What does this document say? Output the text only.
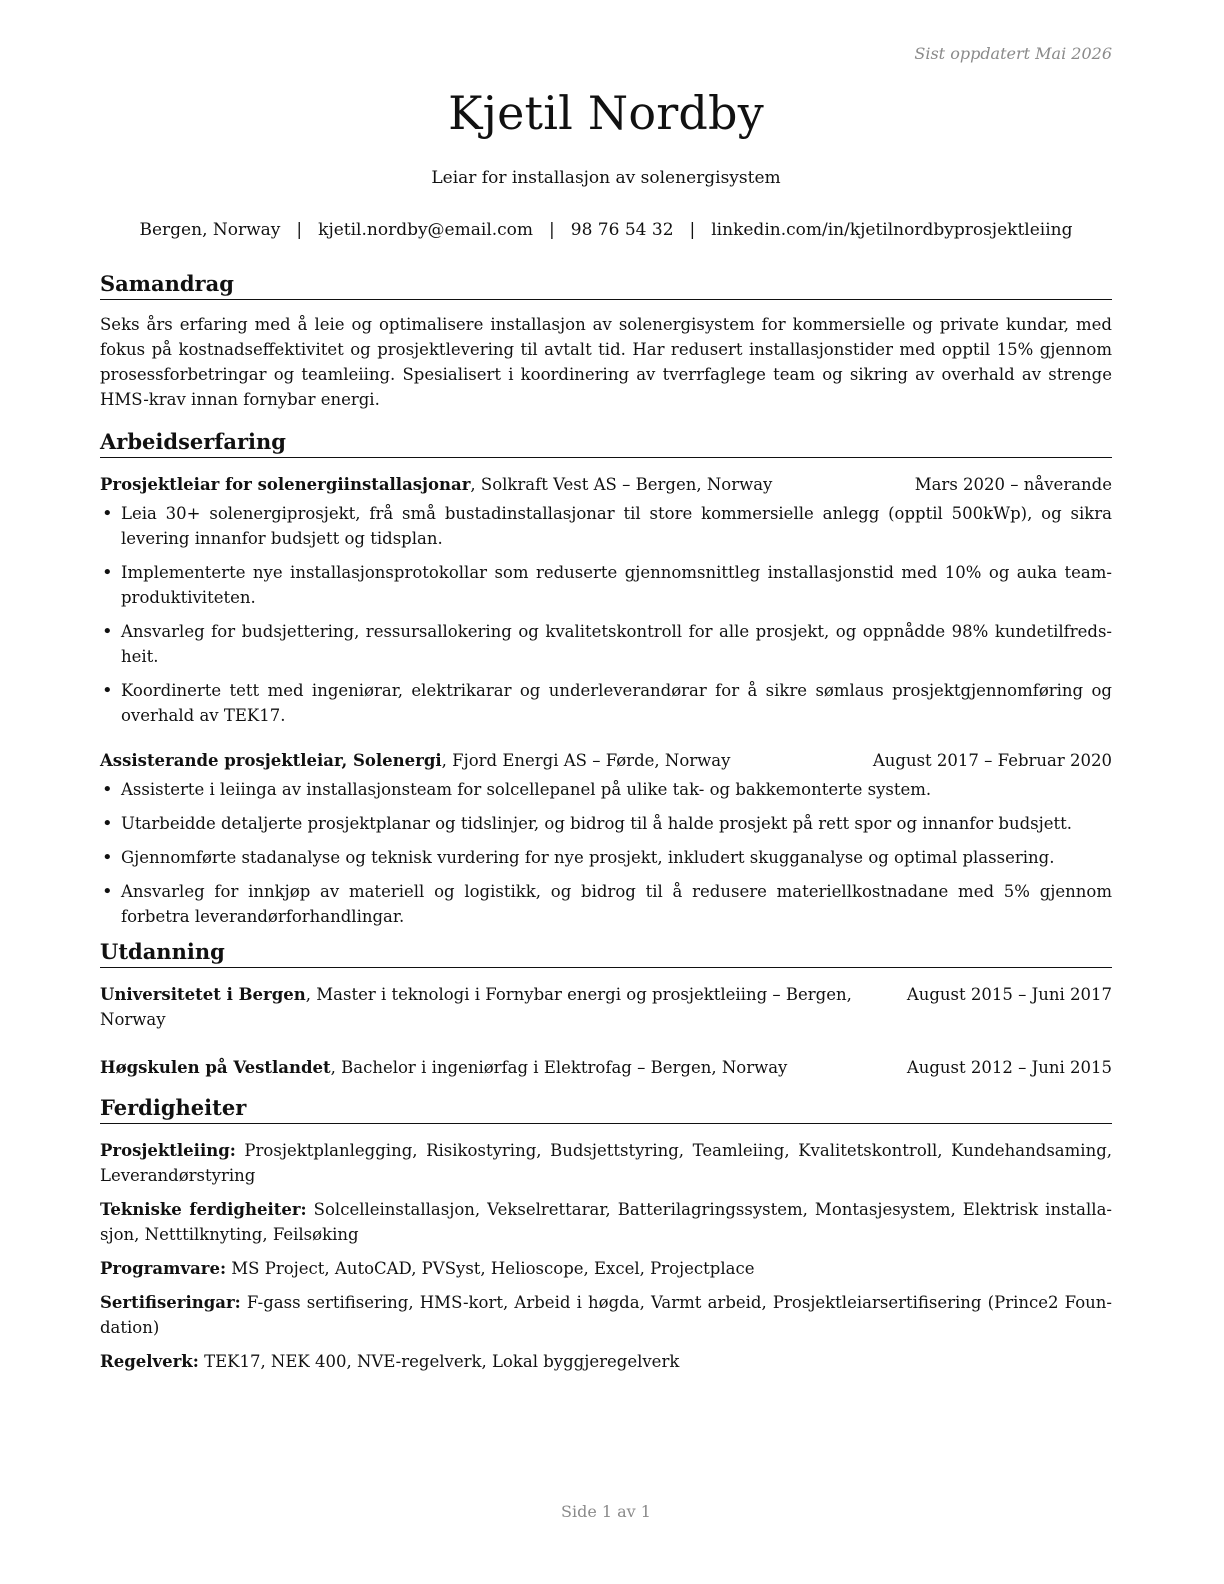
Sist oppdatert Mai 2026
Kjetil Nordby
Leiar for installasjon av solenergisystem
Bergen, Norway | kjetil.nordby@email.com | 98 76 54 32 | linkedin.com/in/kjetilnordbyprosjektleiing
Samandrag

Seks års erfaring med å leie og optimalisere installasjon av solenergisystem for kommersielle og private kundar, med fokus på kostnadseffektivitet og prosjektlevering til avtalt tid. Har redusert installasjonstider med opptil 15% gjennom prosessforbetringar og teamleiing. Spesialisert i koordinering av tverrfaglege team og sikring av overhald av strenge HMS-krav innan fornybar energi.

Arbeidserfaring
Prosjektleiar for solenergiinstallasjonar, Solkraft Vest AS – Bergen, Norway	Mars 2020 – nåverande
• Leia 30+ solenergiprosjekt, frå små bustadinstallasjonar til store kommersielle anlegg (opptil 500kWp), og sikra levering innanfor budsjett og tidsplan.
• Implementerte nye installasjonsprotokollar som reduserte gjennomsnittleg installasjonstid med 10% og auka teamproduktiviteten.
• Ansvarleg for budsjettering, ressursallokering og kvalitetskontroll for alle prosjekt, og oppnådde 98% kundetilfredsheit.
• Koordinerte tett med ingeniørar, elektrikarar og underleverandørar for å sikre sømlaus prosjektgjennomføring og overhald av TEK17.
Assisterande prosjektleiar, Solenergi, Fjord Energi AS – Førde, Norway	August 2017 – Februar 2020
• Assisterte i leiinga av installasjonsteam for solcellepanel på ulike tak- og bakkemonterte system.
• Utarbeidde detaljerte prosjektplanar og tidslinjer, og bidrog til å halde prosjekt på rett spor og innanfor budsjett.
• Gjennomførte stadanalyse og teknisk vurdering for nye prosjekt, inkludert skugganalyse og optimal plassering.
• Ansvarleg for innkjøp av materiell og logistikk, og bidrog til å redusere materiellkostnadane med 5% gjennom forbetra leverandørforhandlingar.
Utdanning
Universitetet i Bergen, Master i teknologi i Fornybar energi og prosjektleiing – Bergen, Norway
August 2015 – Juni 2017
Høgskulen på Vestlandet, Bachelor i ingeniørfag i Elektrofag – Bergen, Norway	August 2012 – Juni 2015
Ferdigheiter
Prosjektleiing: Prosjektplanlegging, Risikostyring, Budsjettstyring, Teamleiing, Kvalitetskontroll, Kundehandsaming, Leverandørstyring
Tekniske ferdigheiter: Solcelleinstallasjon, Vekselrettarar, Batterilagringssystem, Montasjesystem, Elektrisk installasjon, Netttilknyting, Feilsøking
Programvare: MS Project, AutoCAD, PVSyst, Helioscope, Excel, Projectplace
Sertifiseringar: F-gass sertifisering, HMS-kort, Arbeid i høgda, Varmt arbeid, Prosjektleiarsertifisering (Prince2 Foundation)
Regelverk: TEK17, NEK 400, NVE-regelverk, Lokal byggjeregelverk
Side 1 av 1
